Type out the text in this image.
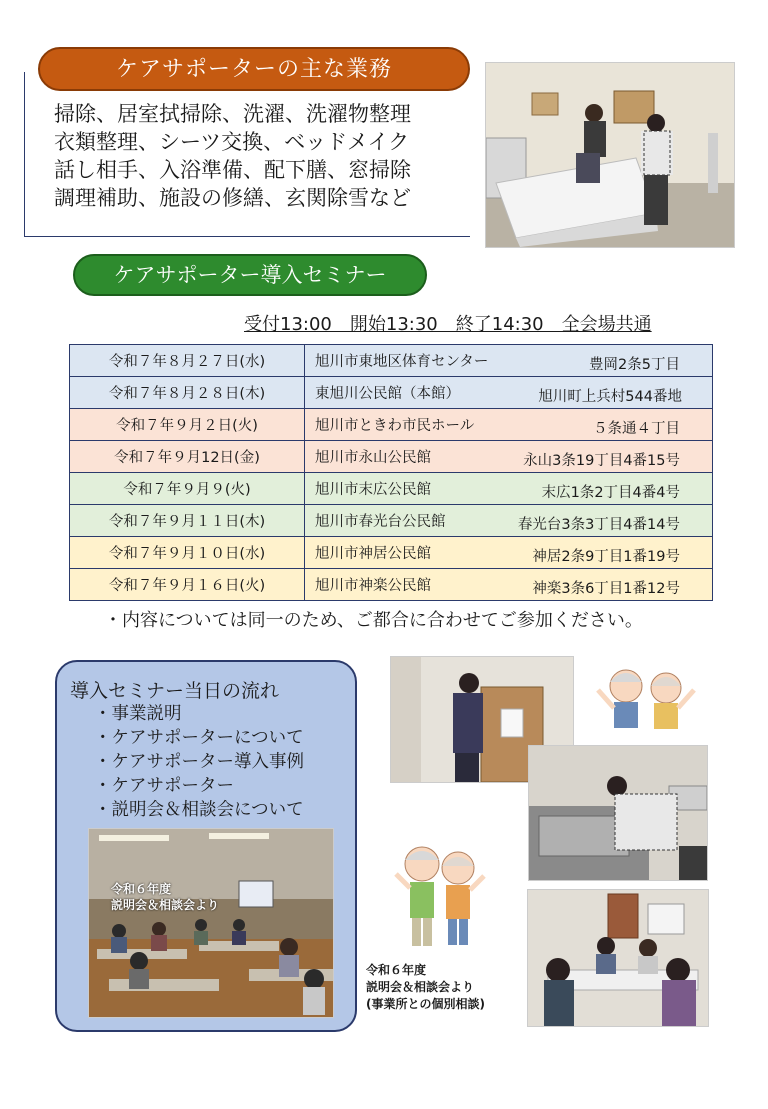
ケアサポーターの主な業務
掃除、居室拭掃除、洗濯、洗濯物整理
衣類整理、シーツ交換、ベッドメイク
話し相手、入浴準備、配下膳、窓掃除
調理補助、施設の修繕、玄関除雪など
ケアサポーター導入セミナー
受付13:00　開始13:30　終了14:30　全会場共通
令和７年８月２７日(水)	旭川市東地区体育センター 豊岡2条5丁目

令和７年８月２８日(木)	東旭川公民館（本館） 旭川町上兵村544番地

令和７年９月２日(火)	旭川市ときわ市民ホール ５条通４丁目

令和７年９月12日(金)	旭川市永山公民館 永山3条19丁目4番15号

令和７年９月９(火)	旭川市末広公民館 末広1条2丁目4番4号

令和７年９月１１日(木)	旭川市春光台公民館 春光台3条3丁目4番14号

令和７年９月１０日(水)	旭川市神居公民館 神居2条9丁目1番19号

令和７年９月１６日(火)	旭川市神楽公民館 神楽3条6丁目1番12号
・内容については同一のため、ご都合に合わせてご参加ください。
導入セミナー当日の流れ
・事業説明
・ケアサポーターについて
・ケアサポーター導入事例
・ケアサポーター
・説明会＆相談会について
令和６年度
説明会＆相談会より
令和６年度
説明会＆相談会より
(事業所との個別相談)
